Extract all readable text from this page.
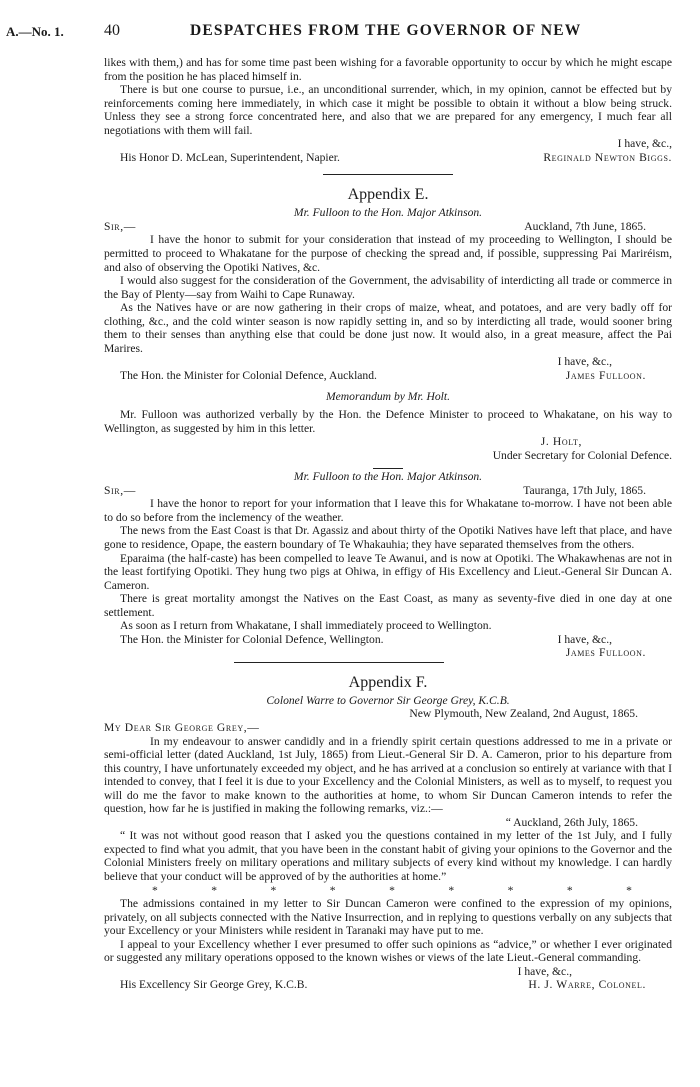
A.—No. 1.	40	DESPATCHES FROM THE GOVERNOR OF NEW

likes with them,) and has for some time past been wishing for a favorable opportunity to occur by which he might escape from the position he has placed himself in.

There is but one course to pursue, i.e., an unconditional surrender, which, in my opinion, cannot be effected but by reinforcements coming here immediately, in which case it might be possible to obtain it without a blow being struck. Unless they see a strong force concentrated here, and also that we are prepared for any emergency, I much fear all negotiations with them will fail.

I have, &c.,

His Honor D. McLean, Superintendent, Napier.	Reginald Newton Biggs.
Appendix E.
Mr. Fulloon to the Hon. Major Atkinson.
Sir,—	Auckland, 7th June, 1865.

I have the honor to submit for your consideration that instead of my proceeding to Wellington, I should be permitted to proceed to Whakatane for the purpose of checking the spread and, if possible, suppressing Pai Mariréism, and also of observing the Opotiki Natives, &c.

I would also suggest for the consideration of the Government, the advisability of interdicting all trade or commerce in the Bay of Plenty—say from Waihi to Cape Runaway.

As the Natives have or are now gathering in their crops of maize, wheat, and potatoes, and are very badly off for clothing, &c., and the cold winter season is now rapidly setting in, and so by interdicting all trade, would sooner bring them to their senses than anything else that could be done just now. It would also, in a great measure, affect the Pai Marires.

I have, &c.,

The Hon. the Minister for Colonial Defence, Auckland.	James Fulloon.
Memorandum by Mr. Holt.

Mr. Fulloon was authorized verbally by the Hon. the Defence Minister to proceed to Whakatane, on his way to Wellington, as suggested by him in this letter.

J. Holt,

Under Secretary for Colonial Defence.

Mr. Fulloon to the Hon. Major Atkinson.
Sir,—	Tauranga, 17th July, 1865.

I have the honor to report for your information that I leave this for Whakatane to-morrow. I have not been able to do so before from the inclemency of the weather.

The news from the East Coast is that Dr. Agassiz and about thirty of the Opotiki Natives have left that place, and have gone to residence, Opape, the eastern boundary of Te Whakauhia; they have separated themselves from the others.

Eparaima (the half-caste) has been compelled to leave Te Awanui, and is now at Opotiki. The Whakawhenas are not in the least fortifying Opotiki. They hung two pigs at Ohiwa, in effigy of His Excellency and Lieut.-General Sir Duncan A. Cameron.

There is great mortality amongst the Natives on the East Coast, as many as seventy-five died in one day at one settlement.

As soon as I return from Whakatane, I shall immediately proceed to Wellington.

The Hon. the Minister for Colonial Defence, Wellington.	I have, &c.,

James Fulloon.

Appendix F.
Colonel Warre to Governor Sir George Grey, K.C.B.

New Plymouth, New Zealand, 2nd August, 1865.

My Dear Sir George Grey,—

In my endeavour to answer candidly and in a friendly spirit certain questions addressed to me in a private or semi-official letter (dated Auckland, 1st July, 1865) from Lieut.-General Sir D. A. Cameron, prior to his departure from this country, I have unfortunately exceeded my object, and he has arrived at a conclusion so entirely at variance with that I intended to convey, that I feel it is due to your Excellency and the Colonial Ministers, as well as to myself, to request you will do me the favor to make known to the authorities at home, to whom Sir Duncan Cameron intends to refer the question, how far he is justified in making the following remarks, viz.:—

“ Auckland, 26th July, 1865.

“ It was not without good reason that I asked you the questions contained in my letter of the 1st July, and I fully expected to find what you admit, that you have been in the constant habit of giving your opinions to the Governor and the Colonial Ministers freely on military operations and military subjects of every kind without my knowledge. I can hardly believe that your conduct will be approved of by the authorities at home.”

*	*	*	*	*	*	*	*	*

The admissions contained in my letter to Sir Duncan Cameron were confined to the expression of my opinions, privately, on all subjects connected with the Native Insurrection, and in replying to questions verbally on any subjects that your Excellency or your Ministers while resident in Taranaki may have put to me.

I appeal to your Excellency whether I ever presumed to offer such opinions as “advice,” or whether I ever originated or suggested any military operations opposed to the known wishes or views of the late Lieut.-General commanding.

I have, &c.,

His Excellency Sir George Grey, K.C.B.	H. J. Warre, Colonel.
